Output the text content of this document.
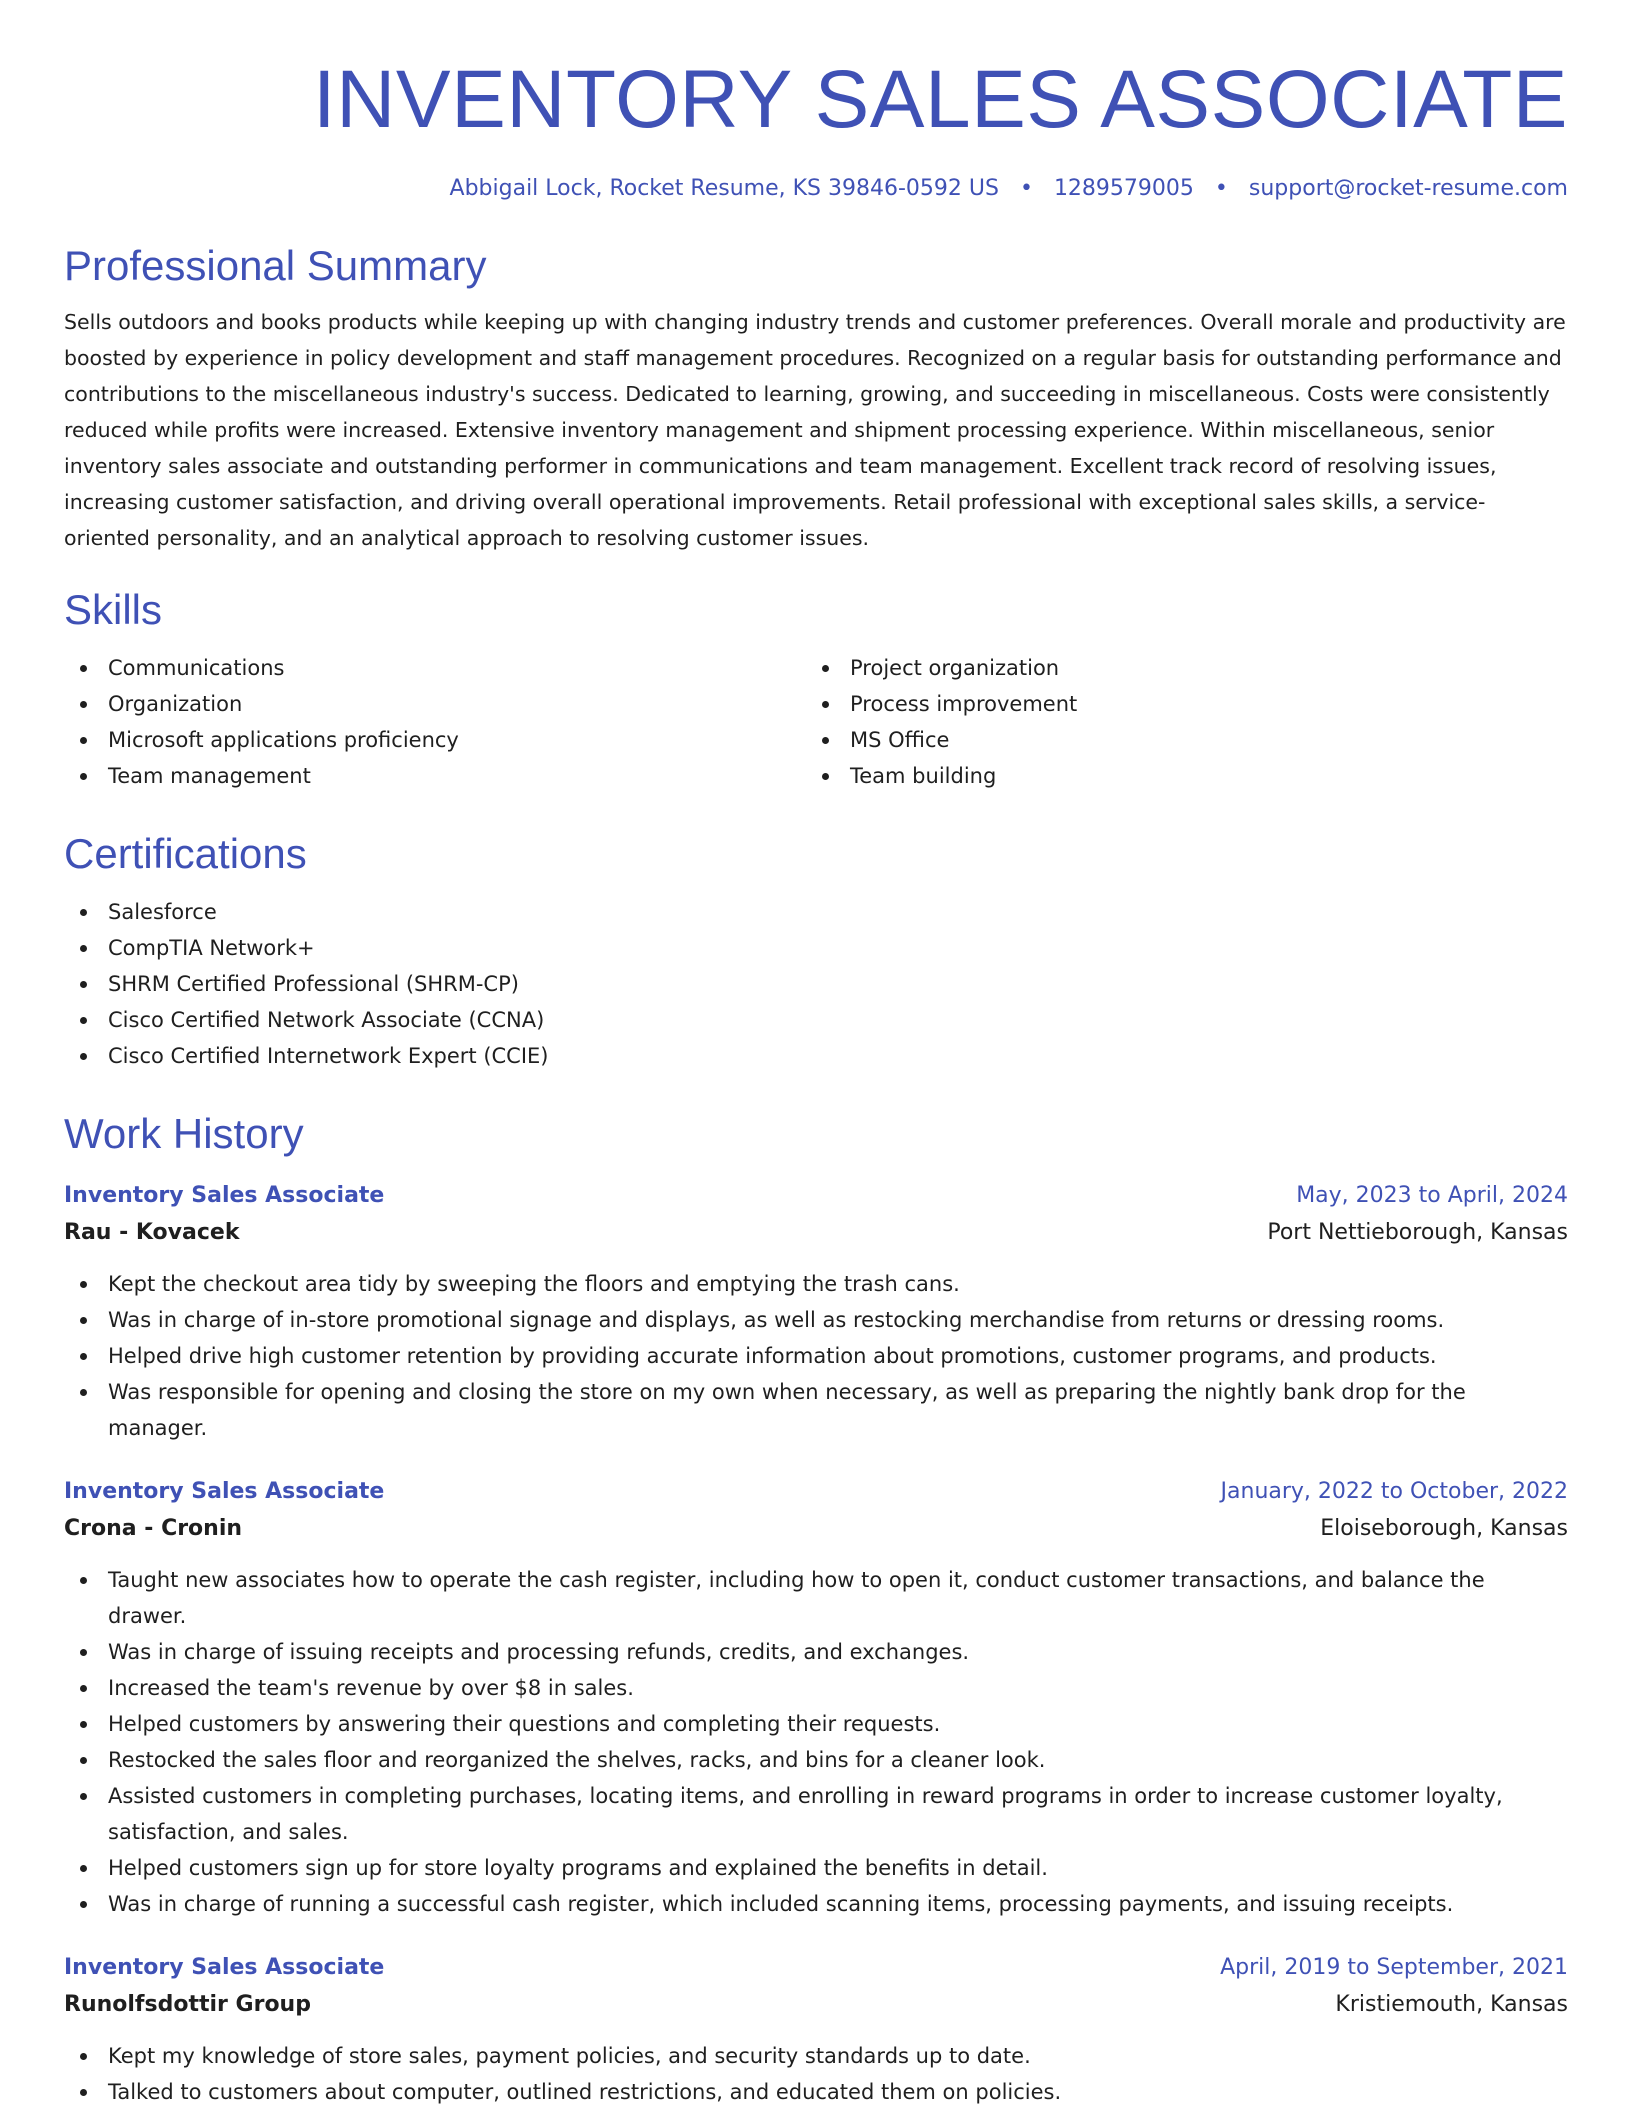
INVENTORY SALES ASSOCIATE
Abbigail Lock, Rocket Resume, KS 39846-0592 US • 1289579005 • support@rocket-resume.com
Professional Summary

Sells outdoors and books products while keeping up with changing industry trends and customer preferences. Overall morale and productivity are boosted by experience in policy development and staff management procedures. Recognized on a regular basis for outstanding performance and contributions to the miscellaneous industry's success. Dedicated to learning, growing, and succeeding in miscellaneous. Costs were consistently reduced while profits were increased. Extensive inventory management and shipment processing experience. Within miscellaneous, senior inventory sales associate and outstanding performer in communications and team management. Excellent track record of resolving issues, increasing customer satisfaction, and driving overall operational improvements. Retail professional with exceptional sales skills, a service-oriented personality, and an analytical approach to resolving customer issues.

Skills
Communications
Organization
Microsoft applications proficiency
Team management
Project organization
Process improvement
MS Office
Team building
Certifications
Salesforce
CompTIA Network+
SHRM Certified Professional (SHRM-CP)
Cisco Certified Network Associate (CCNA)
Cisco Certified Internetwork Expert (CCIE)
Work History
Inventory Sales Associate	May, 2023 to April, 2024
Rau - Kovacek	Port Nettieborough, Kansas
Kept the checkout area tidy by sweeping the floors and emptying the trash cans.
Was in charge of in-store promotional signage and displays, as well as restocking merchandise from returns or dressing rooms.
Helped drive high customer retention by providing accurate information about promotions, customer programs, and products.
Was responsible for opening and closing the store on my own when necessary, as well as preparing the nightly bank drop for the manager.
Inventory Sales Associate	January, 2022 to October, 2022
Crona - Cronin	Eloiseborough, Kansas
Taught new associates how to operate the cash register, including how to open it, conduct customer transactions, and balance the drawer.
Was in charge of issuing receipts and processing refunds, credits, and exchanges.
Increased the team's revenue by over $8 in sales.
Helped customers by answering their questions and completing their requests.
Restocked the sales floor and reorganized the shelves, racks, and bins for a cleaner look.
Assisted customers in completing purchases, locating items, and enrolling in reward programs in order to increase customer loyalty, satisfaction, and sales.
Helped customers sign up for store loyalty programs and explained the benefits in detail.
Was in charge of running a successful cash register, which included scanning items, processing payments, and issuing receipts.
Inventory Sales Associate	April, 2019 to September, 2021
Runolfsdottir Group	Kristiemouth, Kansas
Kept my knowledge of store sales, payment policies, and security standards up to date.
Talked to customers about computer, outlined restrictions, and educated them on policies.
